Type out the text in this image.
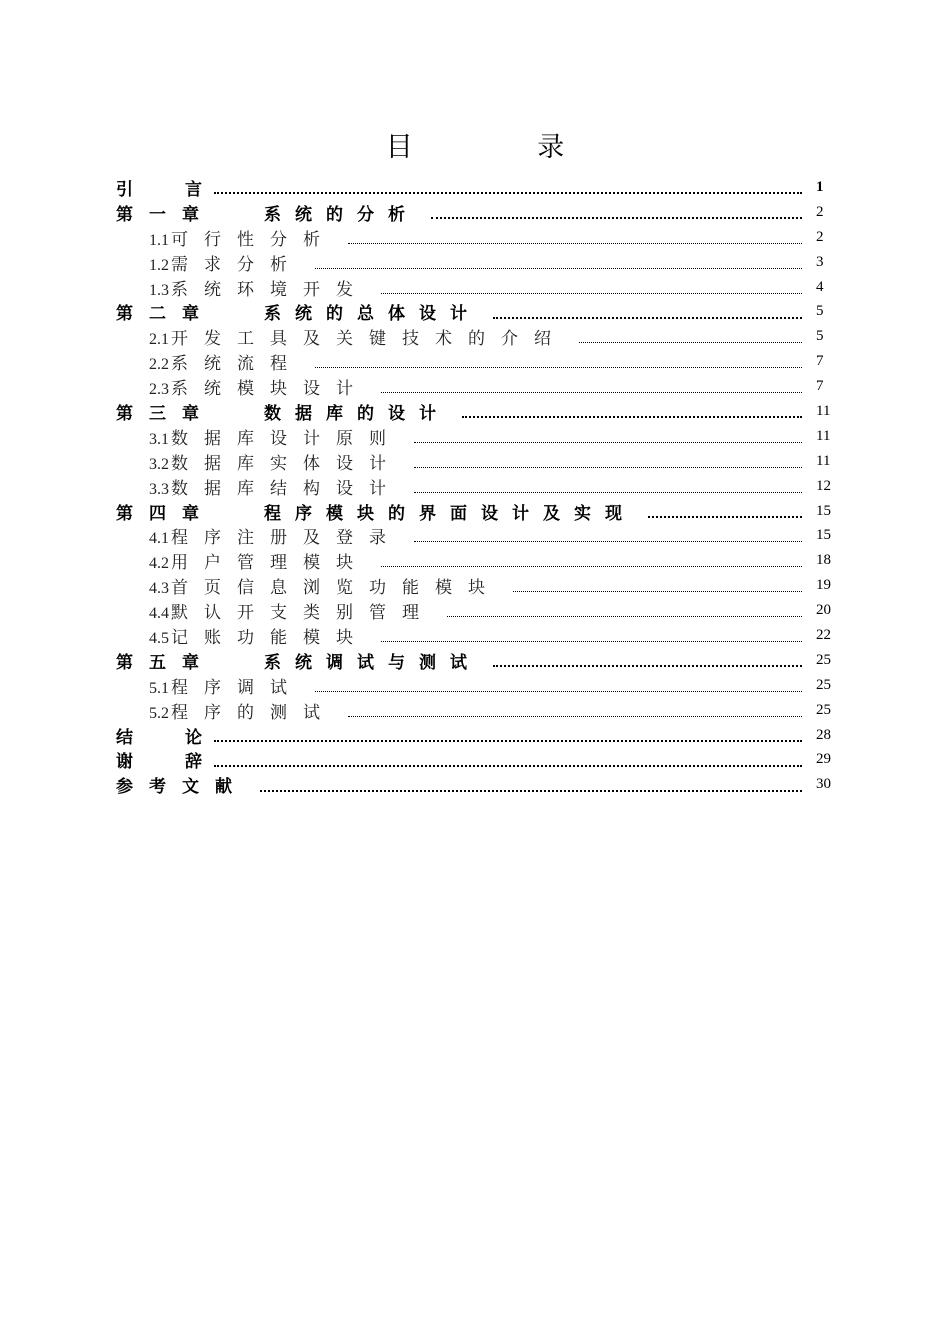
目 录
引　　言	1
第 一 章	系统的分析	2
1.1 可行性分析	2
1.2 需求分析	3
1.3 系统环境开发	4
第 二 章	系统的总体设计	5
2.1 开发工具及关键技术的介绍	5
2.2 系统流程	7
2.3 系统模块设计	7
第 三 章	数据库的设计	11
3.1 数据库设计原则	11
3.2 数据库实体设计	11
3.3 数据库结构设计	12
第 四 章	程序模块的界面设计及实现	15
4.1 程序注册及登录	15
4.2 用户管理模块	18
4.3 首页信息浏览功能模块	19
4.4 默认开支类别管理	20
4.5 记账功能模块	22
第 五 章	系统调试与测试	25
5.1 程序调试	25
5.2 程序的测试	25
结　　论	28
谢　　辞	29
参考文献	30
